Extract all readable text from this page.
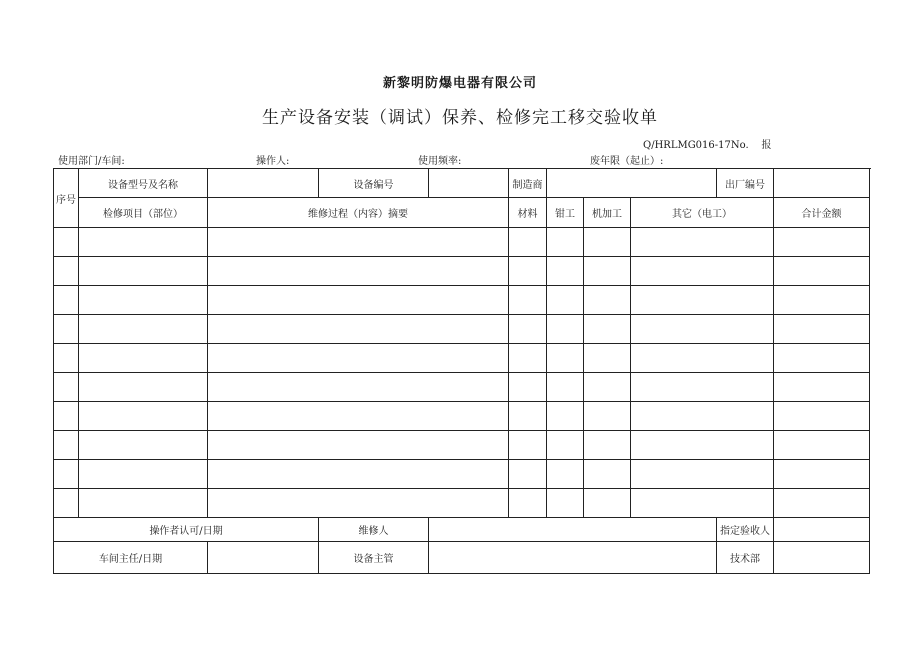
新黎明防爆电器有限公司
生产设备安装（调试）保养、检修完工移交验收单
Q/HRLMG016-17No.    报
使用部门/车间:	操作人:	使用频率:	废年限（起止）:
序号	设备型号及名称		设备编号		制造商				出厂编号		
	检修项目（部位）	维修过程（内容）摘要			材料	钳工	机加工	其它（电工）		合计金额	

操作者认可/日期			维修人						指定验收人		
车间主任/日期			设备主管						技术部		
